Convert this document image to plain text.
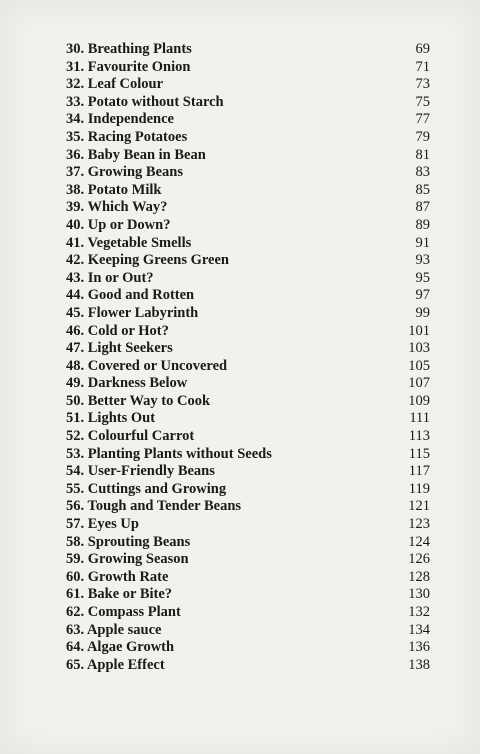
30. Breathing Plants	69
31. Favourite Onion	71
32. Leaf Colour	73
33. Potato without Starch	75
34. Independence	77
35. Racing Potatoes	79
36. Baby Bean in Bean	81
37. Growing Beans	83
38. Potato Milk	85
39. Which Way?	87
40. Up or Down?	89
41. Vegetable Smells	91
42. Keeping Greens Green	93
43. In or Out?	95
44. Good and Rotten	97
45. Flower Labyrinth	99
46. Cold or Hot?	101
47. Light Seekers	103
48. Covered or Uncovered	105
49. Darkness Below	107
50. Better Way to Cook	109
51. Lights Out	111
52. Colourful Carrot	113
53. Planting Plants without Seeds	115
54. User-Friendly Beans	117
55. Cuttings and Growing	119
56. Tough and Tender Beans	121
57. Eyes Up	123
58. Sprouting Beans	124
59. Growing Season	126
60. Growth Rate	128
61. Bake or Bite?	130
62. Compass Plant	132
63. Apple sauce	134
64. Algae Growth	136
65. Apple Effect	138
